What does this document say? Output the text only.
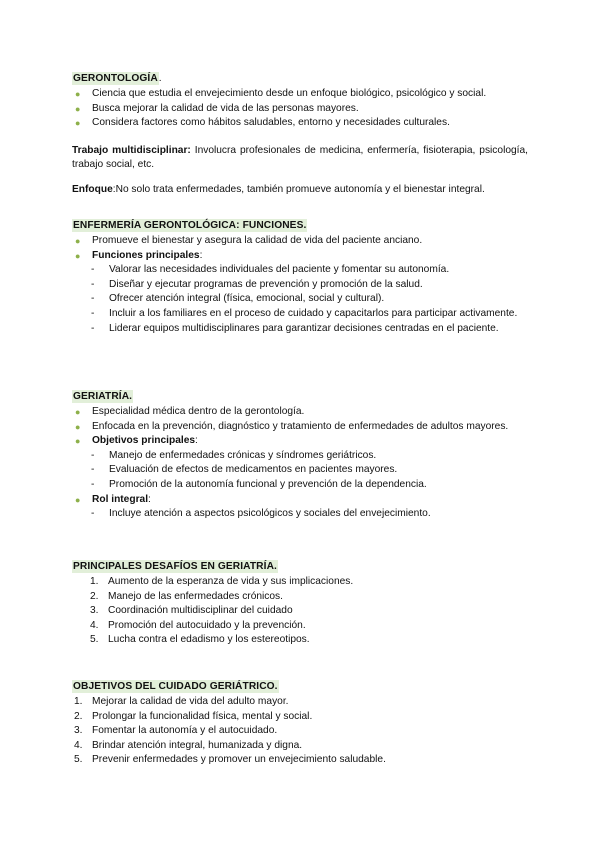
GERONTOLOGÍA.
● Ciencia que estudia el envejecimiento desde un enfoque biológico, psicológico y social.
● Busca mejorar la calidad de vida de las personas mayores.
● Considera factores como hábitos saludables, entorno y necesidades culturales.
Trabajo multidisciplinar: Involucra profesionales de medicina, enfermería, fisioterapia, psicología, trabajo social, etc.
Enfoque:No solo trata enfermedades, también promueve autonomía y el bienestar integral.
ENFERMERÍA GERONTOLÓGICA: FUNCIONES.
● Promueve el bienestar y asegura la calidad de vida del paciente anciano.
● Funciones principales:
- Valorar las necesidades individuales del paciente y fomentar su autonomía.
- Diseñar y ejecutar programas de prevención y promoción de la salud.
- Ofrecer atención integral (física, emocional, social y cultural).
- Incluir a los familiares en el proceso de cuidado y capacitarlos para participar activamente.
- Liderar equipos multidisciplinares para garantizar decisiones centradas en el paciente.
GERIATRÍA.
● Especialidad médica dentro de la gerontología.
● Enfocada en la prevención, diagnóstico y tratamiento de enfermedades de adultos mayores.
● Objetivos principales:
- Manejo de enfermedades crónicas y síndromes geriátricos.
- Evaluación de efectos de medicamentos en pacientes mayores.
- Promoción de la autonomía funcional y prevención de la dependencia.
● Rol integral:
- Incluye atención a aspectos psicológicos y sociales del envejecimiento.
PRINCIPALES DESAFÍOS EN GERIATRÍA.
1. Aumento de la esperanza de vida y sus implicaciones.
2. Manejo de las enfermedades crónicos.
3. Coordinación multidisciplinar del cuidado
4. Promoción del autocuidado y la prevención.
5. Lucha contra el edadismo y los estereotipos.
OBJETIVOS DEL CUIDADO GERIÁTRICO.
1. Mejorar la calidad de vida del adulto mayor.
2. Prolongar la funcionalidad física, mental y social.
3. Fomentar la autonomía y el autocuidado.
4. Brindar atención integral, humanizada y digna.
5. Prevenir enfermedades y promover un envejecimiento saludable.
